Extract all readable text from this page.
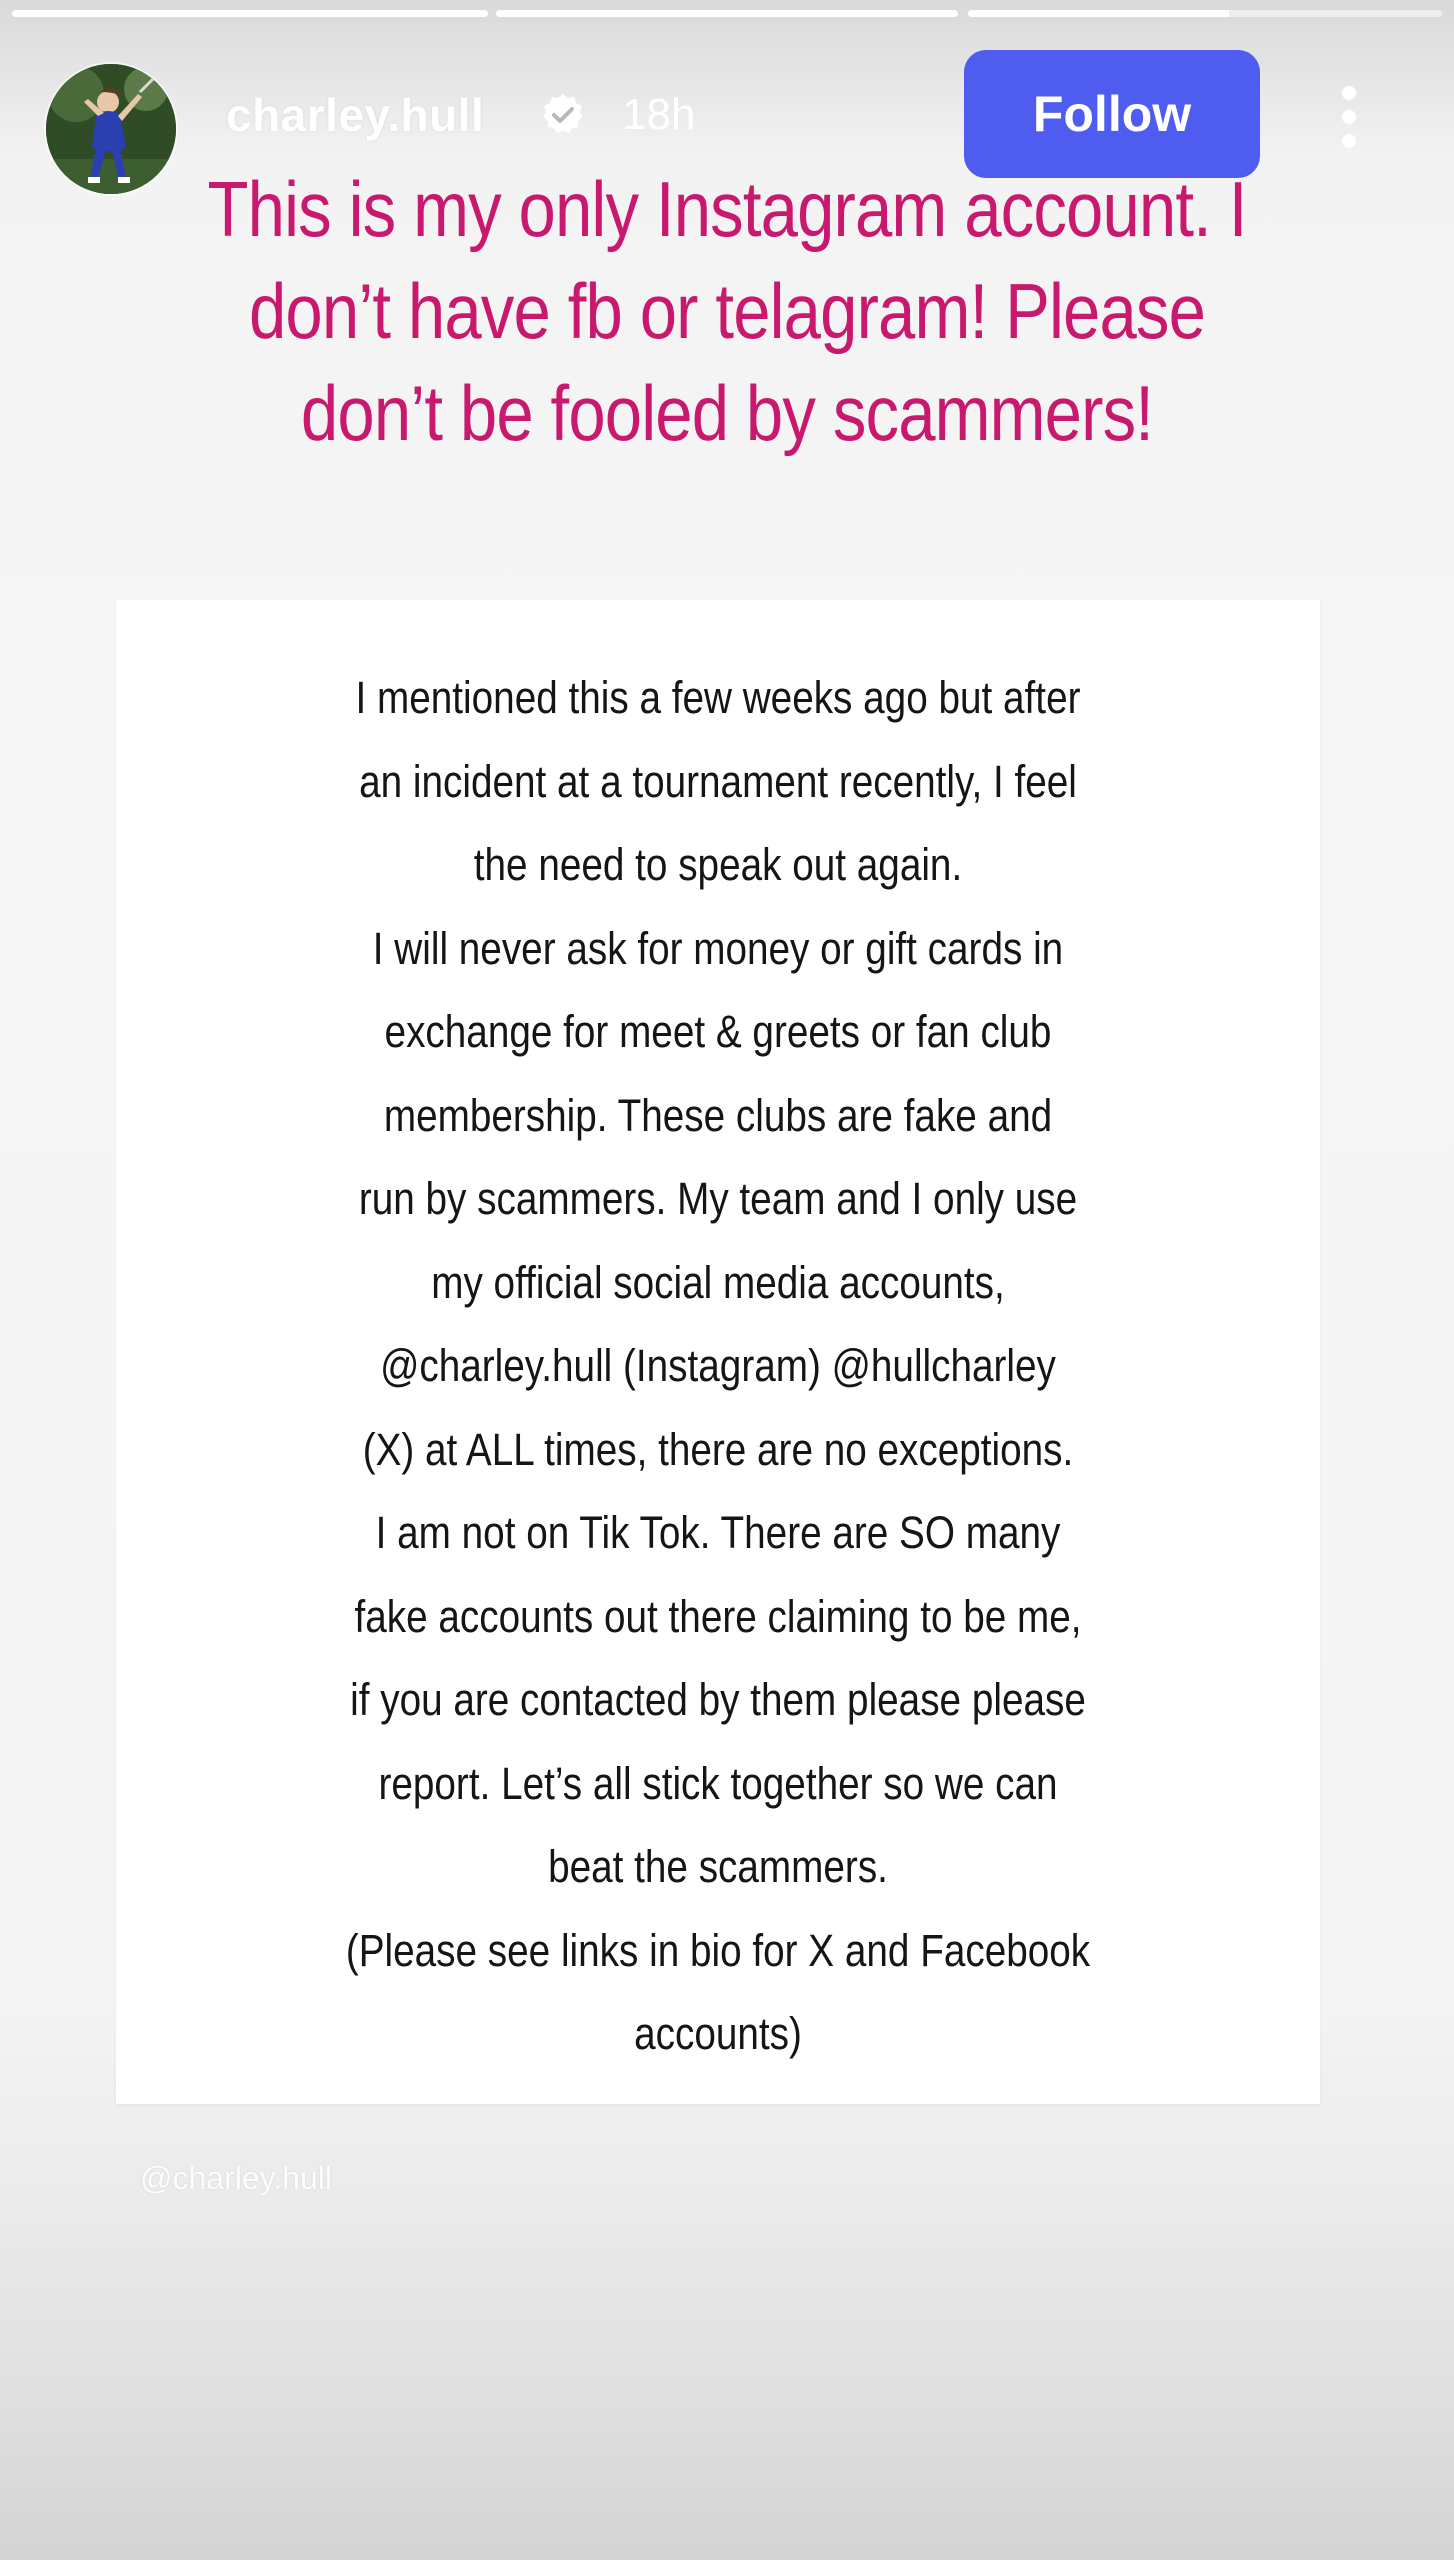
charley.hull	18h	Follow
This is my only Instagram account. I
don’t have fb or telagram! Please
don’t be fooled by scammers!
I mentioned this a few weeks ago but after
an incident at a tournament recently, I feel
the need to speak out again.
I will never ask for money or gift cards in
exchange for meet & greets or fan club
membership. These clubs are fake and
run by scammers. My team and I only use
my official social media accounts,
@charley.hull (Instagram) @hullcharley
(X) at ALL times, there are no exceptions.
I am not on Tik Tok. There are SO many
fake accounts out there claiming to be me,
if you are contacted by them please please
report. Let’s all stick together so we can
beat the scammers.
(Please see links in bio for X and Facebook
accounts)
@charley.hull
